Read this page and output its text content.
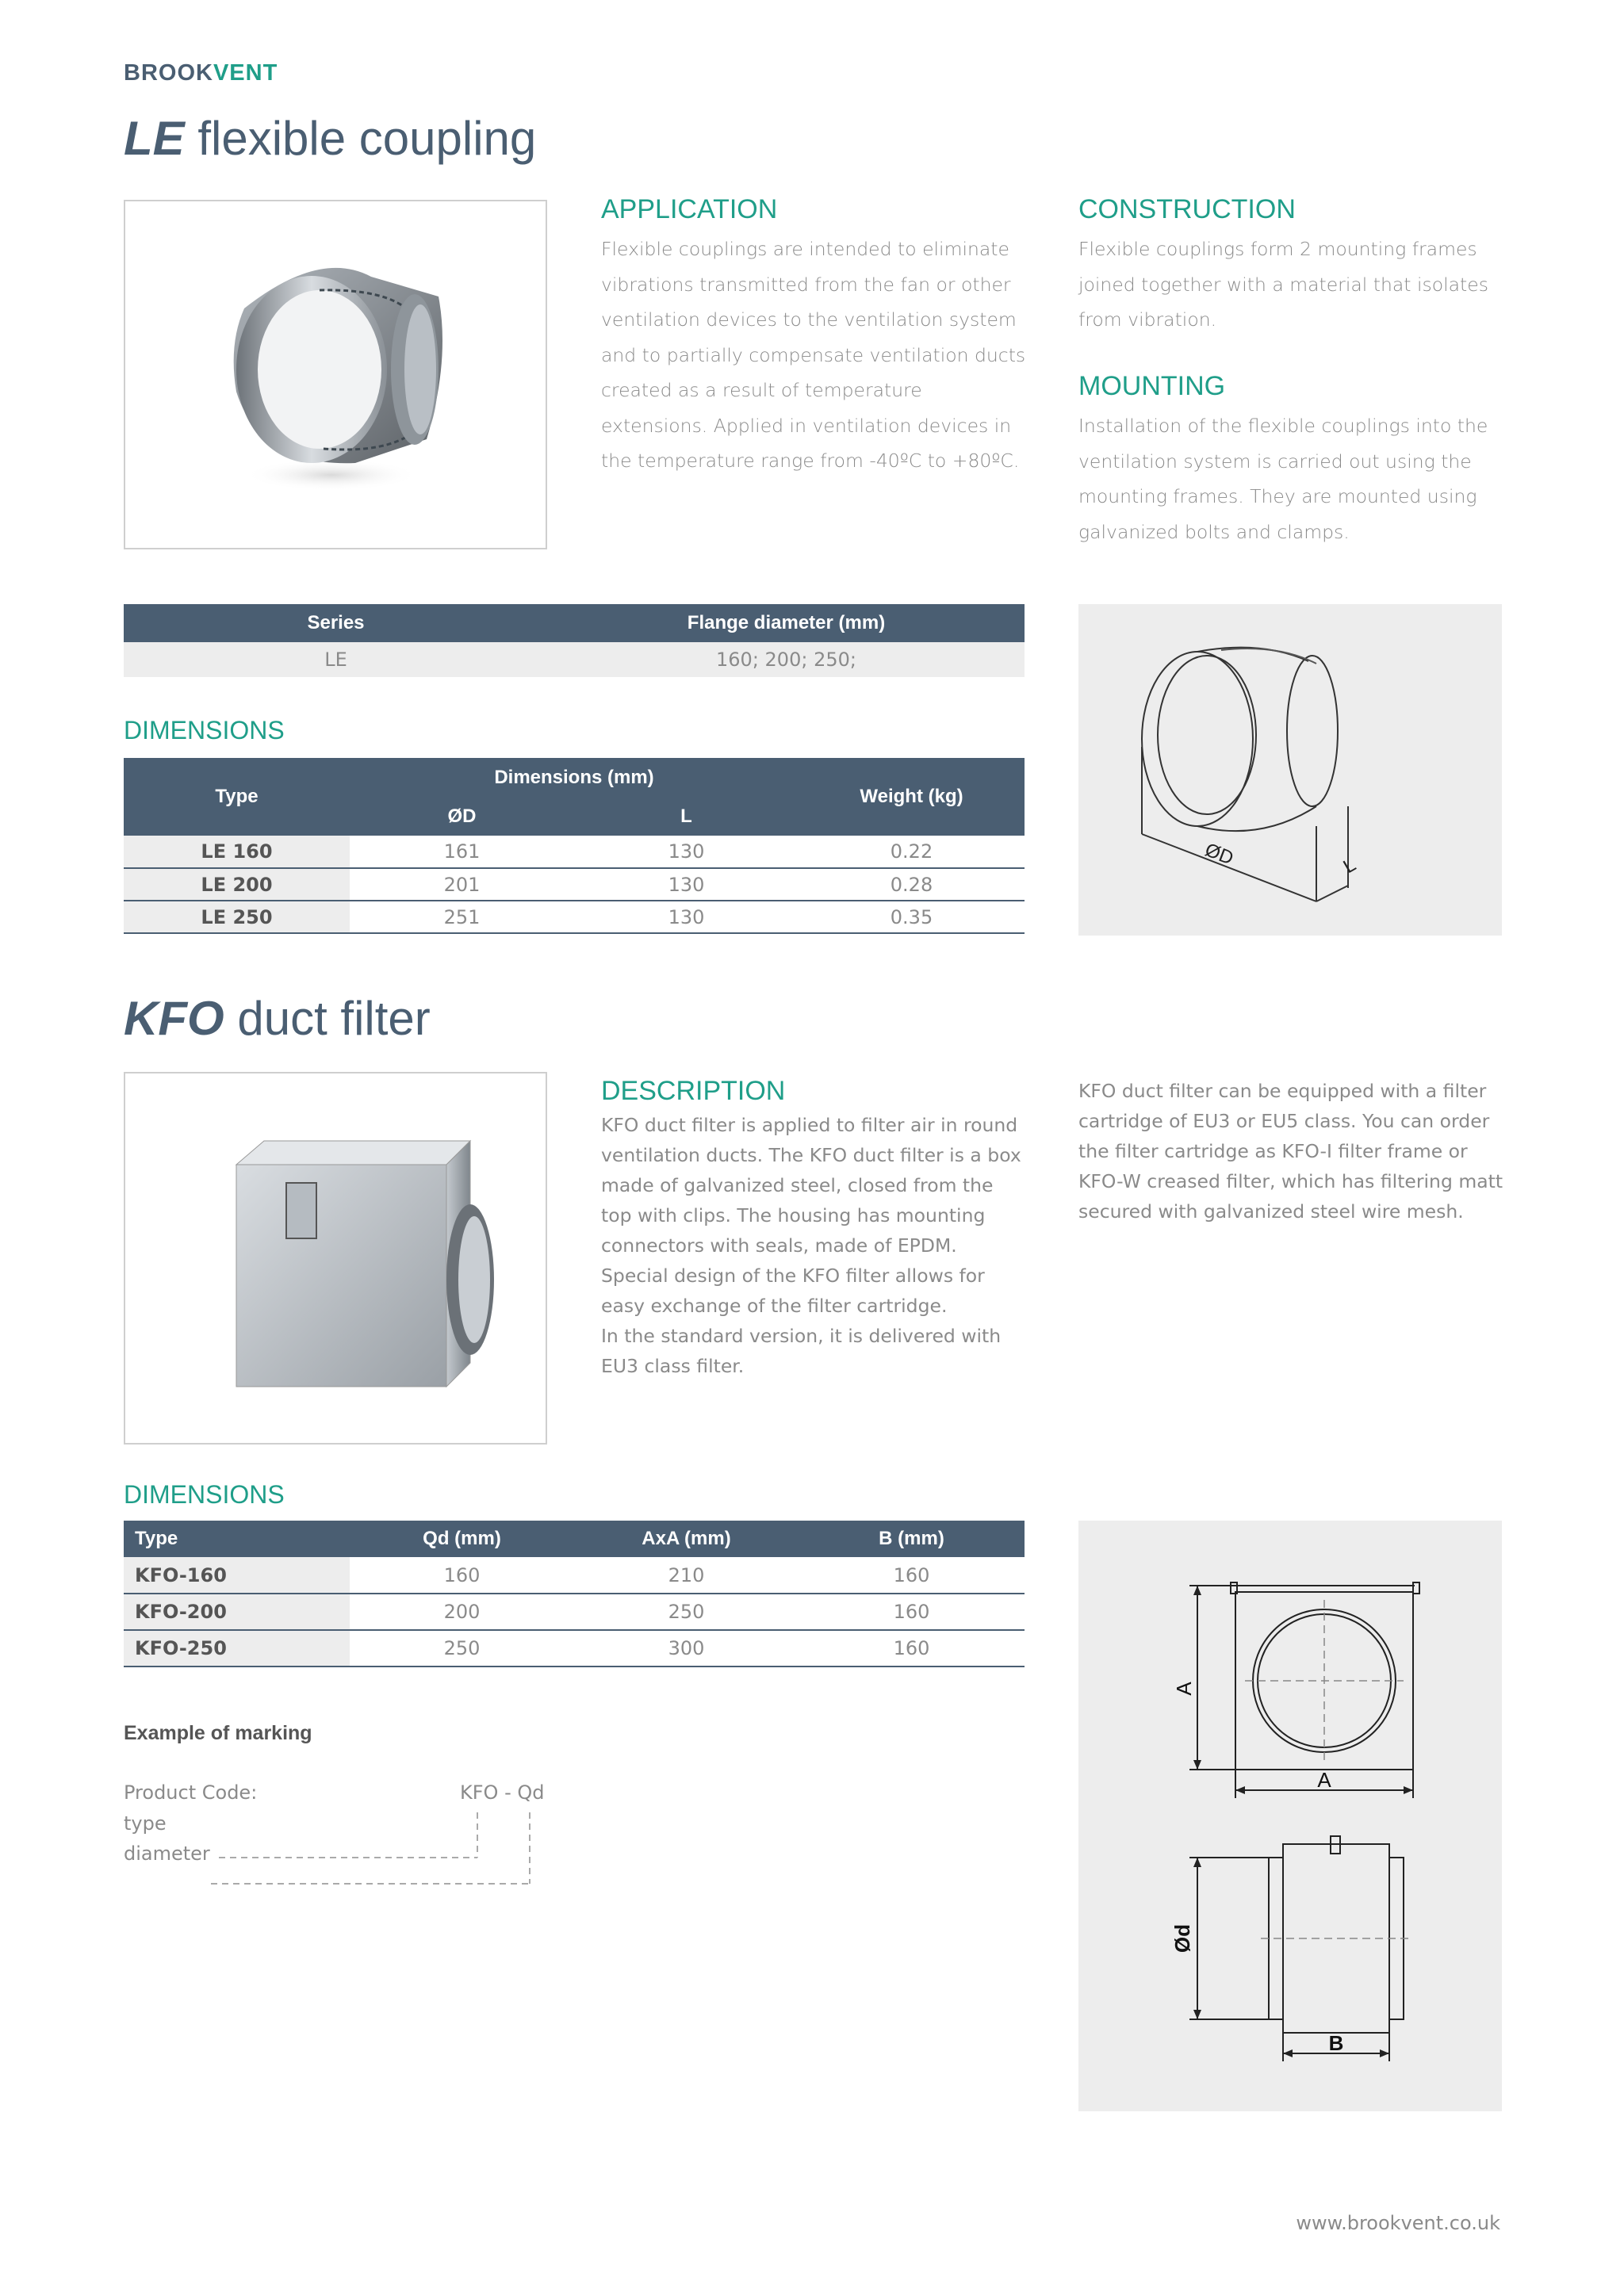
BROOKVENT
LE flexible coupling
APPLICATION
Flexible couplings are intended to eliminate vibrations transmitted from the fan or other ventilation devices to the ventilation system and to partially compensate ventilation ducts created as a result of temperature extensions. Applied in ventilation devices in the temperature range from -40ºC to +80ºC.
CONSTRUCTION
Flexible couplings form 2 mounting frames joined together with a material that isolates from vibration.
MOUNTING
Installation of the flexible couplings into the ventilation system is carried out using the mounting frames. They are mounted using galvanized bolts and clamps.
Series	Flange diameter (mm)
LE	160; 200; 250;
ØD	L
DIMENSIONS
Type	Dimensions (mm)		Weight (kg)
	ØD	L	
LE 160	161	130	0.22
LE 200	201	130	0.28
LE 250	251	130	0.35
KFO duct filter
DESCRIPTION
KFO duct filter is applied to filter air in round ventilation ducts. The KFO duct filter is a box made of galvanized steel, closed from the top with clips. The housing has mounting connectors with seals, made of EPDM. Special design of the KFO filter allows for easy exchange of the filter cartridge.
In the standard version, it is delivered with EU3 class filter.
KFO duct filter can be equipped with a filter cartridge of EU3 or EU5 class. You can order the filter cartridge as KFO-I filter frame or KFO-W creased filter, which has filtering matt secured with galvanized steel wire mesh.
DIMENSIONS
Type	Qd (mm)	AxA (mm)	B (mm)
KFO-160	160	210	160
KFO-200	200	250	160
KFO-250	250	300	160
Example of marking
Product Code:	KFO - Qd
type
diameter
A
A
Ød
B
www.brookvent.co.uk
